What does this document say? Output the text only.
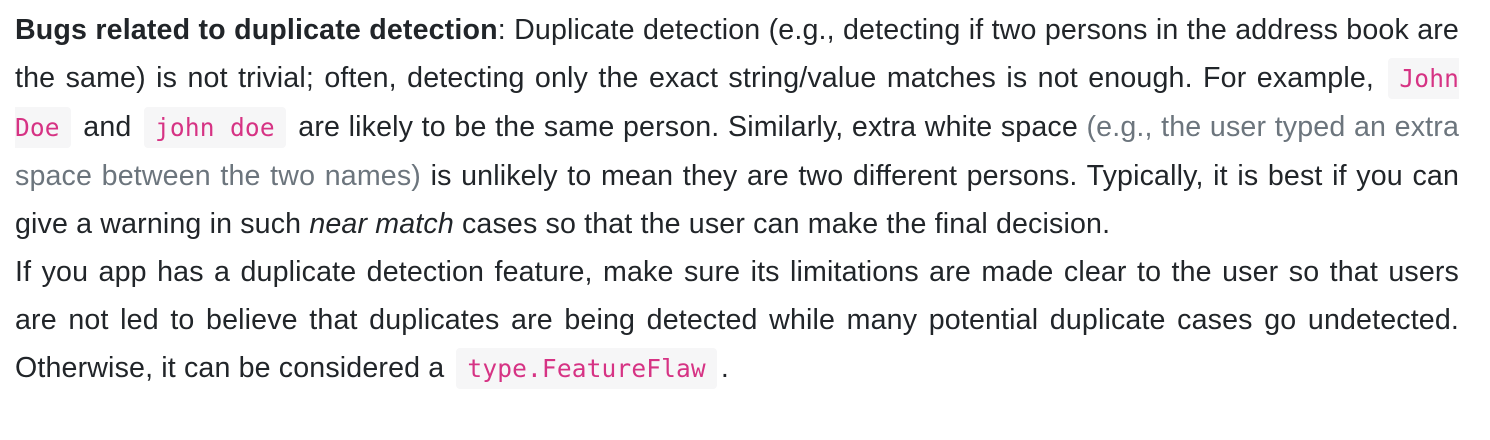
Bugs related to duplicate detection: Duplicate detection (e.g., detecting if two persons in the address book are the same) is not trivial; often, detecting only the exact string/value matches is not enough. For example, John Doe and john doe are likely to be the same person. Similarly, extra white space (e.g., the user typed an extra space between the two names) is unlikely to mean they are two different persons. Typically, it is best if you can give a warning in such near match cases so that the user can make the final decision.

If you app has a duplicate detection feature, make sure its limitations are made clear to the user so that users are not led to believe that duplicates are being detected while many potential duplicate cases go undetected. Otherwise, it can be considered a type.FeatureFlaw .
